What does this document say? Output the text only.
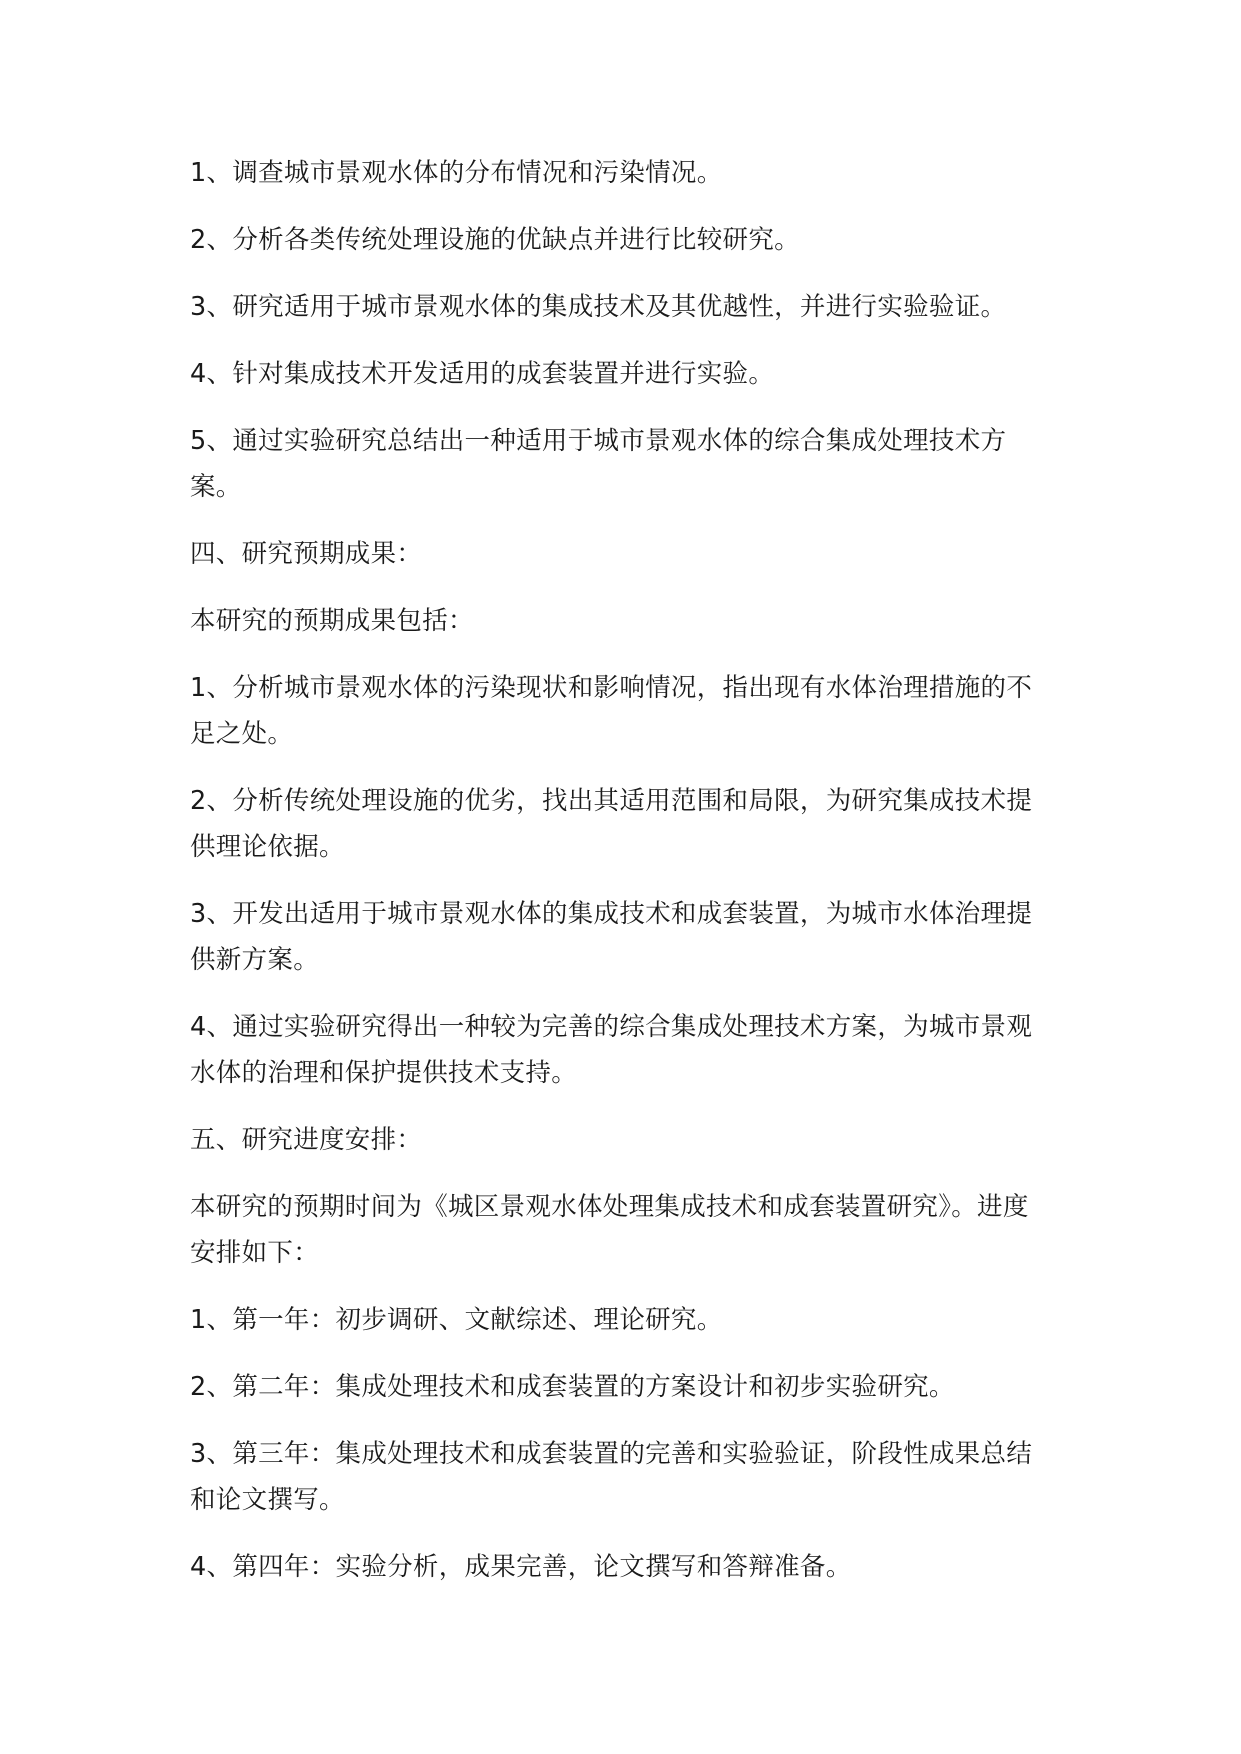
1、调查城市景观水体的分布情况和污染情况。

2、分析各类传统处理设施的优缺点并进行比较研究。

3、研究适用于城市景观水体的集成技术及其优越性，并进行实验验证。

4、针对集成技术开发适用的成套装置并进行实验。

5、通过实验研究总结出一种适用于城市景观水体的综合集成处理技术方案。

四、研究预期成果：

本研究的预期成果包括：

1、分析城市景观水体的污染现状和影响情况，指出现有水体治理措施的不足之处。

2、分析传统处理设施的优劣，找出其适用范围和局限，为研究集成技术提供理论依据。

3、开发出适用于城市景观水体的集成技术和成套装置，为城市水体治理提供新方案。

4、通过实验研究得出一种较为完善的综合集成处理技术方案，为城市景观水体的治理和保护提供技术支持。

五、研究进度安排：

本研究的预期时间为《城区景观水体处理集成技术和成套装置研究》。进度安排如下：

1、第一年：初步调研、文献综述、理论研究。

2、第二年：集成处理技术和成套装置的方案设计和初步实验研究。

3、第三年：集成处理技术和成套装置的完善和实验验证，阶段性成果总结和论文撰写。

4、第四年：实验分析，成果完善，论文撰写和答辩准备。
